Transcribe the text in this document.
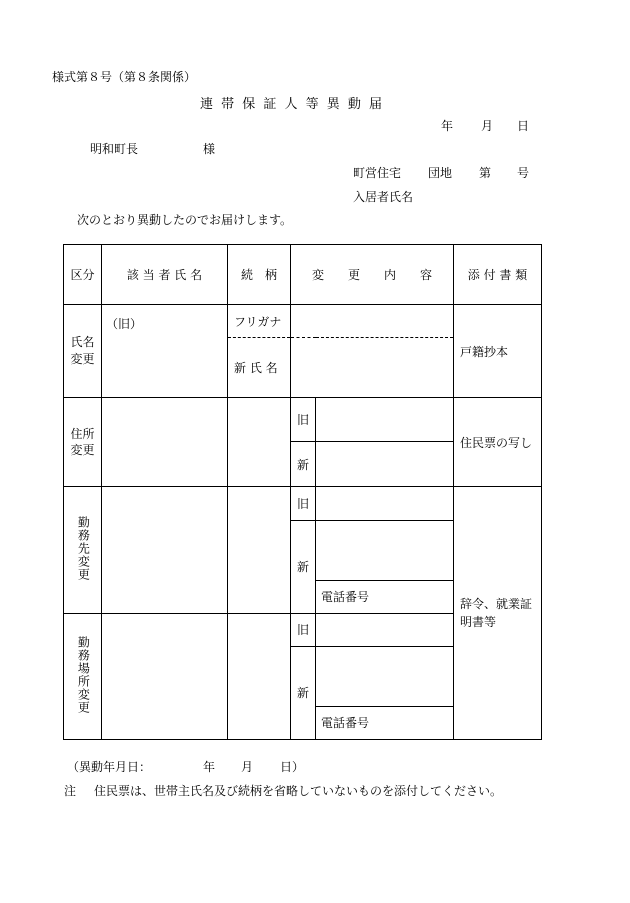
様式第８号（第８条関係）
連 帯 保 証 人 等 異 動 届
年 月 日
明和町長	様
町営住宅 団地 第 号
入居者氏名
次のとおり異動したのでお届けします。
区分	該 当 者 氏 名	続　柄	変　　更　　内　　容		添 付 書 類

氏名変更	（旧）	フリガナ			戸籍抄本
		新 氏 名			

住所変更			旧		住民票の写し
			新		
勤務先変更			旧		辞令、就業証明書等
			新		
				電話番号	
勤務場所変更			旧		
			新		
				電話番号	
（異動年月日：	年 月 日）
注 住民票は、世帯主氏名及び続柄を省略していないものを添付してください。
